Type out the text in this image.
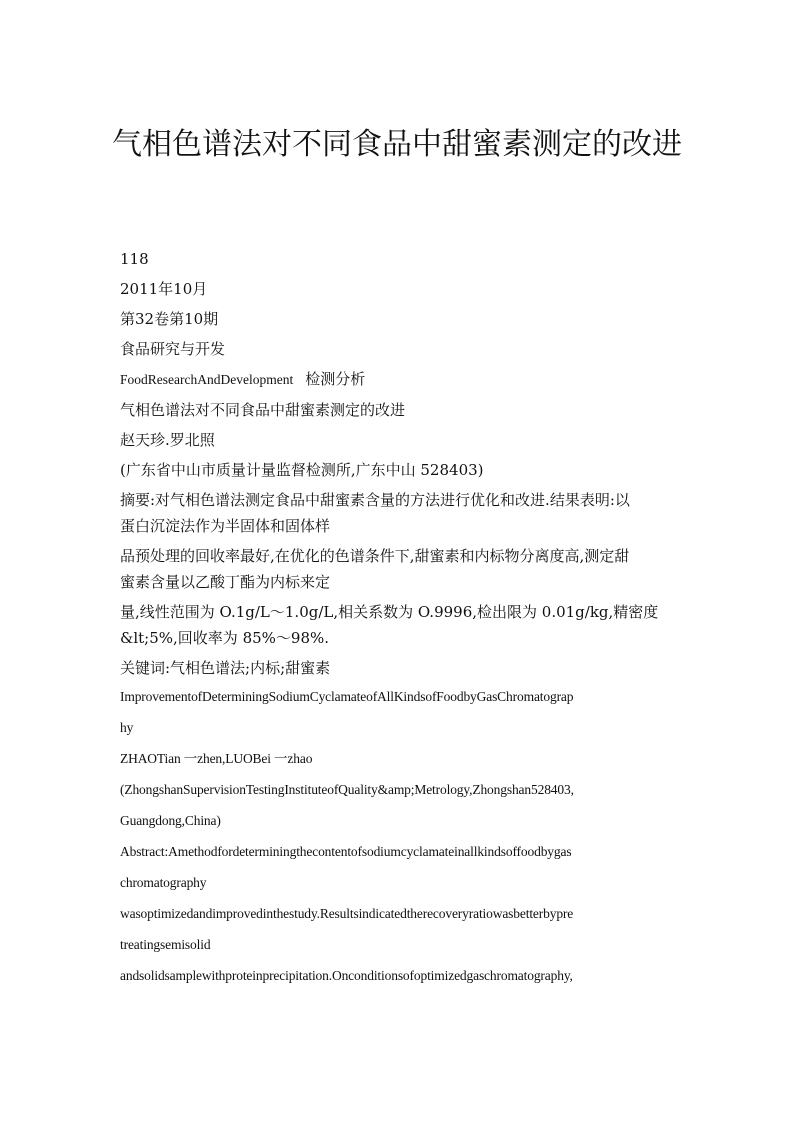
气相色谱法对不同食品中甜蜜素测定的改进
118
2011年10月
第32卷第10期
食品研究与开发
FoodResearchAndDevelopment 检测分析
气相色谱法对不同食品中甜蜜素测定的改进
赵天珍.罗北照
(广东省中山市质量计量监督检测所,广东中山 528403)
摘要:对气相色谱法测定食品中甜蜜素含量的方法进行优化和改进.结果表明:以
蛋白沉淀法作为半固体和固体样
品预处理的回收率最好,在优化的色谱条件下,甜蜜素和内标物分离度高,测定甜
蜜素含量以乙酸丁酯为内标来定
量,线性范围为 O.1g/L～1.0g/L,相关系数为 O.9996,检出限为 0.01g/kg,精密度
&lt;5%,回收率为 85%～98%.
关键词:气相色谱法;内标;甜蜜素
ImprovementofDeterminingSodiumCyclamateofAllKindsofFoodbyGasChromatograp
hy
ZHAOTian 一zhen,LUOBei 一zhao
(ZhongshanSupervisionTestingInstituteofQuality&amp;Metrology,Zhongshan528403,
Guangdong,China)
Abstract:Amethodfordeterminingthecontentofsodiumcyclamateinallkindsoffoodbygas
chromatography
wasoptimizedandimprovedinthestudy.Resultsindicatedtherecoveryratiowasbetterbypre
treatingsemisolid
andsolidsamplewithproteinprecipitation.Onconditionsofoptimizedgaschromatography,
